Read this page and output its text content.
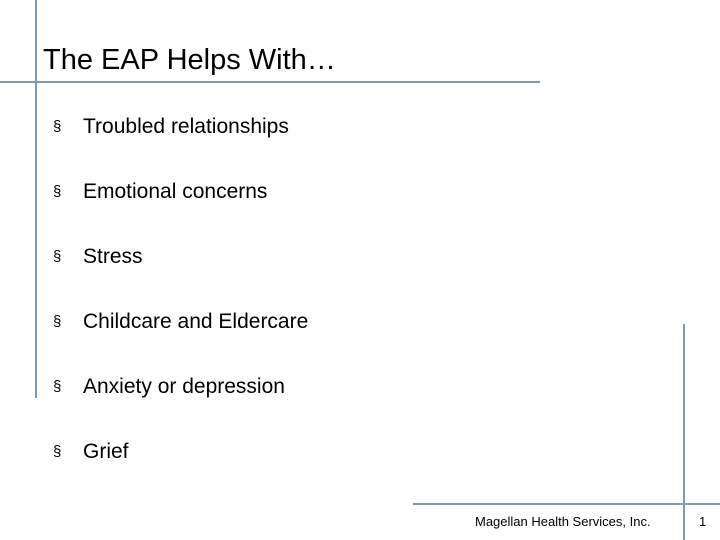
The EAP Helps With…
§	Troubled relationships
§	Emotional concerns
§	Stress
§	Childcare and Eldercare
§	Anxiety or depression
§	Grief
Magellan Health Services, Inc.	1
